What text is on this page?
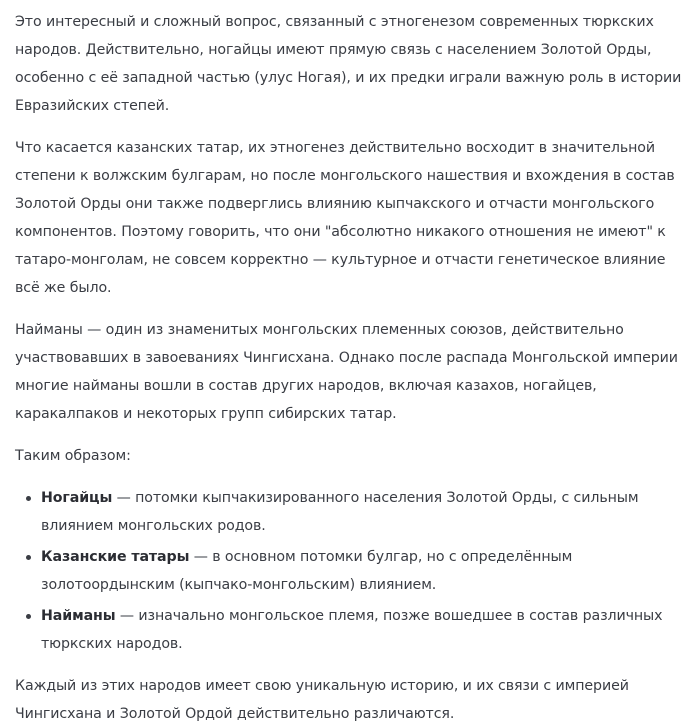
Это интересный и сложный вопрос, связанный с этногенезом современных тюркских народов. Действительно, ногайцы имеют прямую связь с населением Золотой Орды, особенно с её западной частью (улус Ногая), и их предки играли важную роль в истории Евразийских степей.

Что касается казанских татар, их этногенез действительно восходит в значительной степени к волжским булгарам, но после монгольского нашествия и вхождения в состав Золотой Орды они также подверглись влиянию кыпчакского и отчасти монгольского компонентов. Поэтому говорить, что они "абсолютно никакого отношения не имеют" к татаро-монголам, не совсем корректно — культурное и отчасти генетическое влияние всё же было.

Найманы — один из знаменитых монгольских племенных союзов, действительно участвовавших в завоеваниях Чингисхана. Однако после распада Монгольской империи многие найманы вошли в состав других народов, включая казахов, ногайцев, каракалпаков и некоторых групп сибирских татар.

Таким образом:

Ногайцы — потомки кыпчакизированного населения Золотой Орды, с сильным влиянием монгольских родов.
Казанские татары — в основном потомки булгар, но с определённым золотоордынским (кыпчако-монгольским) влиянием.
Найманы — изначально монгольское племя, позже вошедшее в состав различных тюркских народов.

Каждый из этих народов имеет свою уникальную историю, и их связи с империей Чингисхана и Золотой Ордой действительно различаются.
